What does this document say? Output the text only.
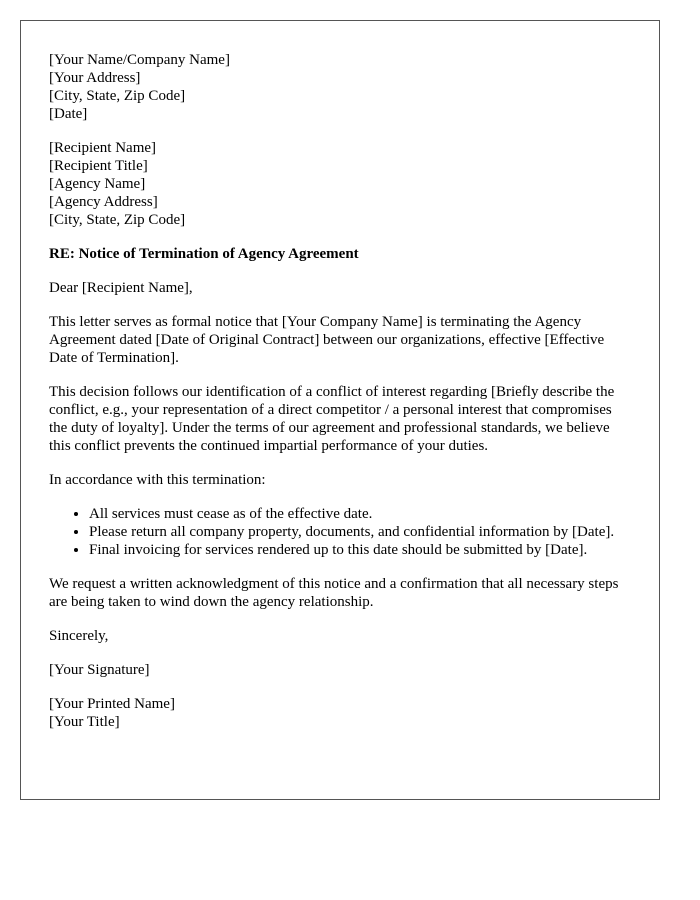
[Your Name/Company Name]
[Your Address]
[City, State, Zip Code]
[Date]
[Recipient Name]
[Recipient Title]
[Agency Name]
[Agency Address]
[City, State, Zip Code]

RE: Notice of Termination of Agency Agreement

Dear [Recipient Name],

This letter serves as formal notice that [Your Company Name] is terminating the Agency Agreement dated [Date of Original Contract] between our organizations, effective [Effective Date of Termination].

This decision follows our identification of a conflict of interest regarding [Briefly describe the conflict, e.g., your representation of a direct competitor / a personal interest that compromises the duty of loyalty]. Under the terms of our agreement and professional standards, we believe this conflict prevents the continued impartial performance of your duties.

In accordance with this termination:

• All services must cease as of the effective date.
• Please return all company property, documents, and confidential information by [Date].
• Final invoicing for services rendered up to this date should be submitted by [Date].

We request a written acknowledgment of this notice and a confirmation that all necessary steps are being taken to wind down the agency relationship.

Sincerely,

[Your Signature]

[Your Printed Name]
[Your Title]
